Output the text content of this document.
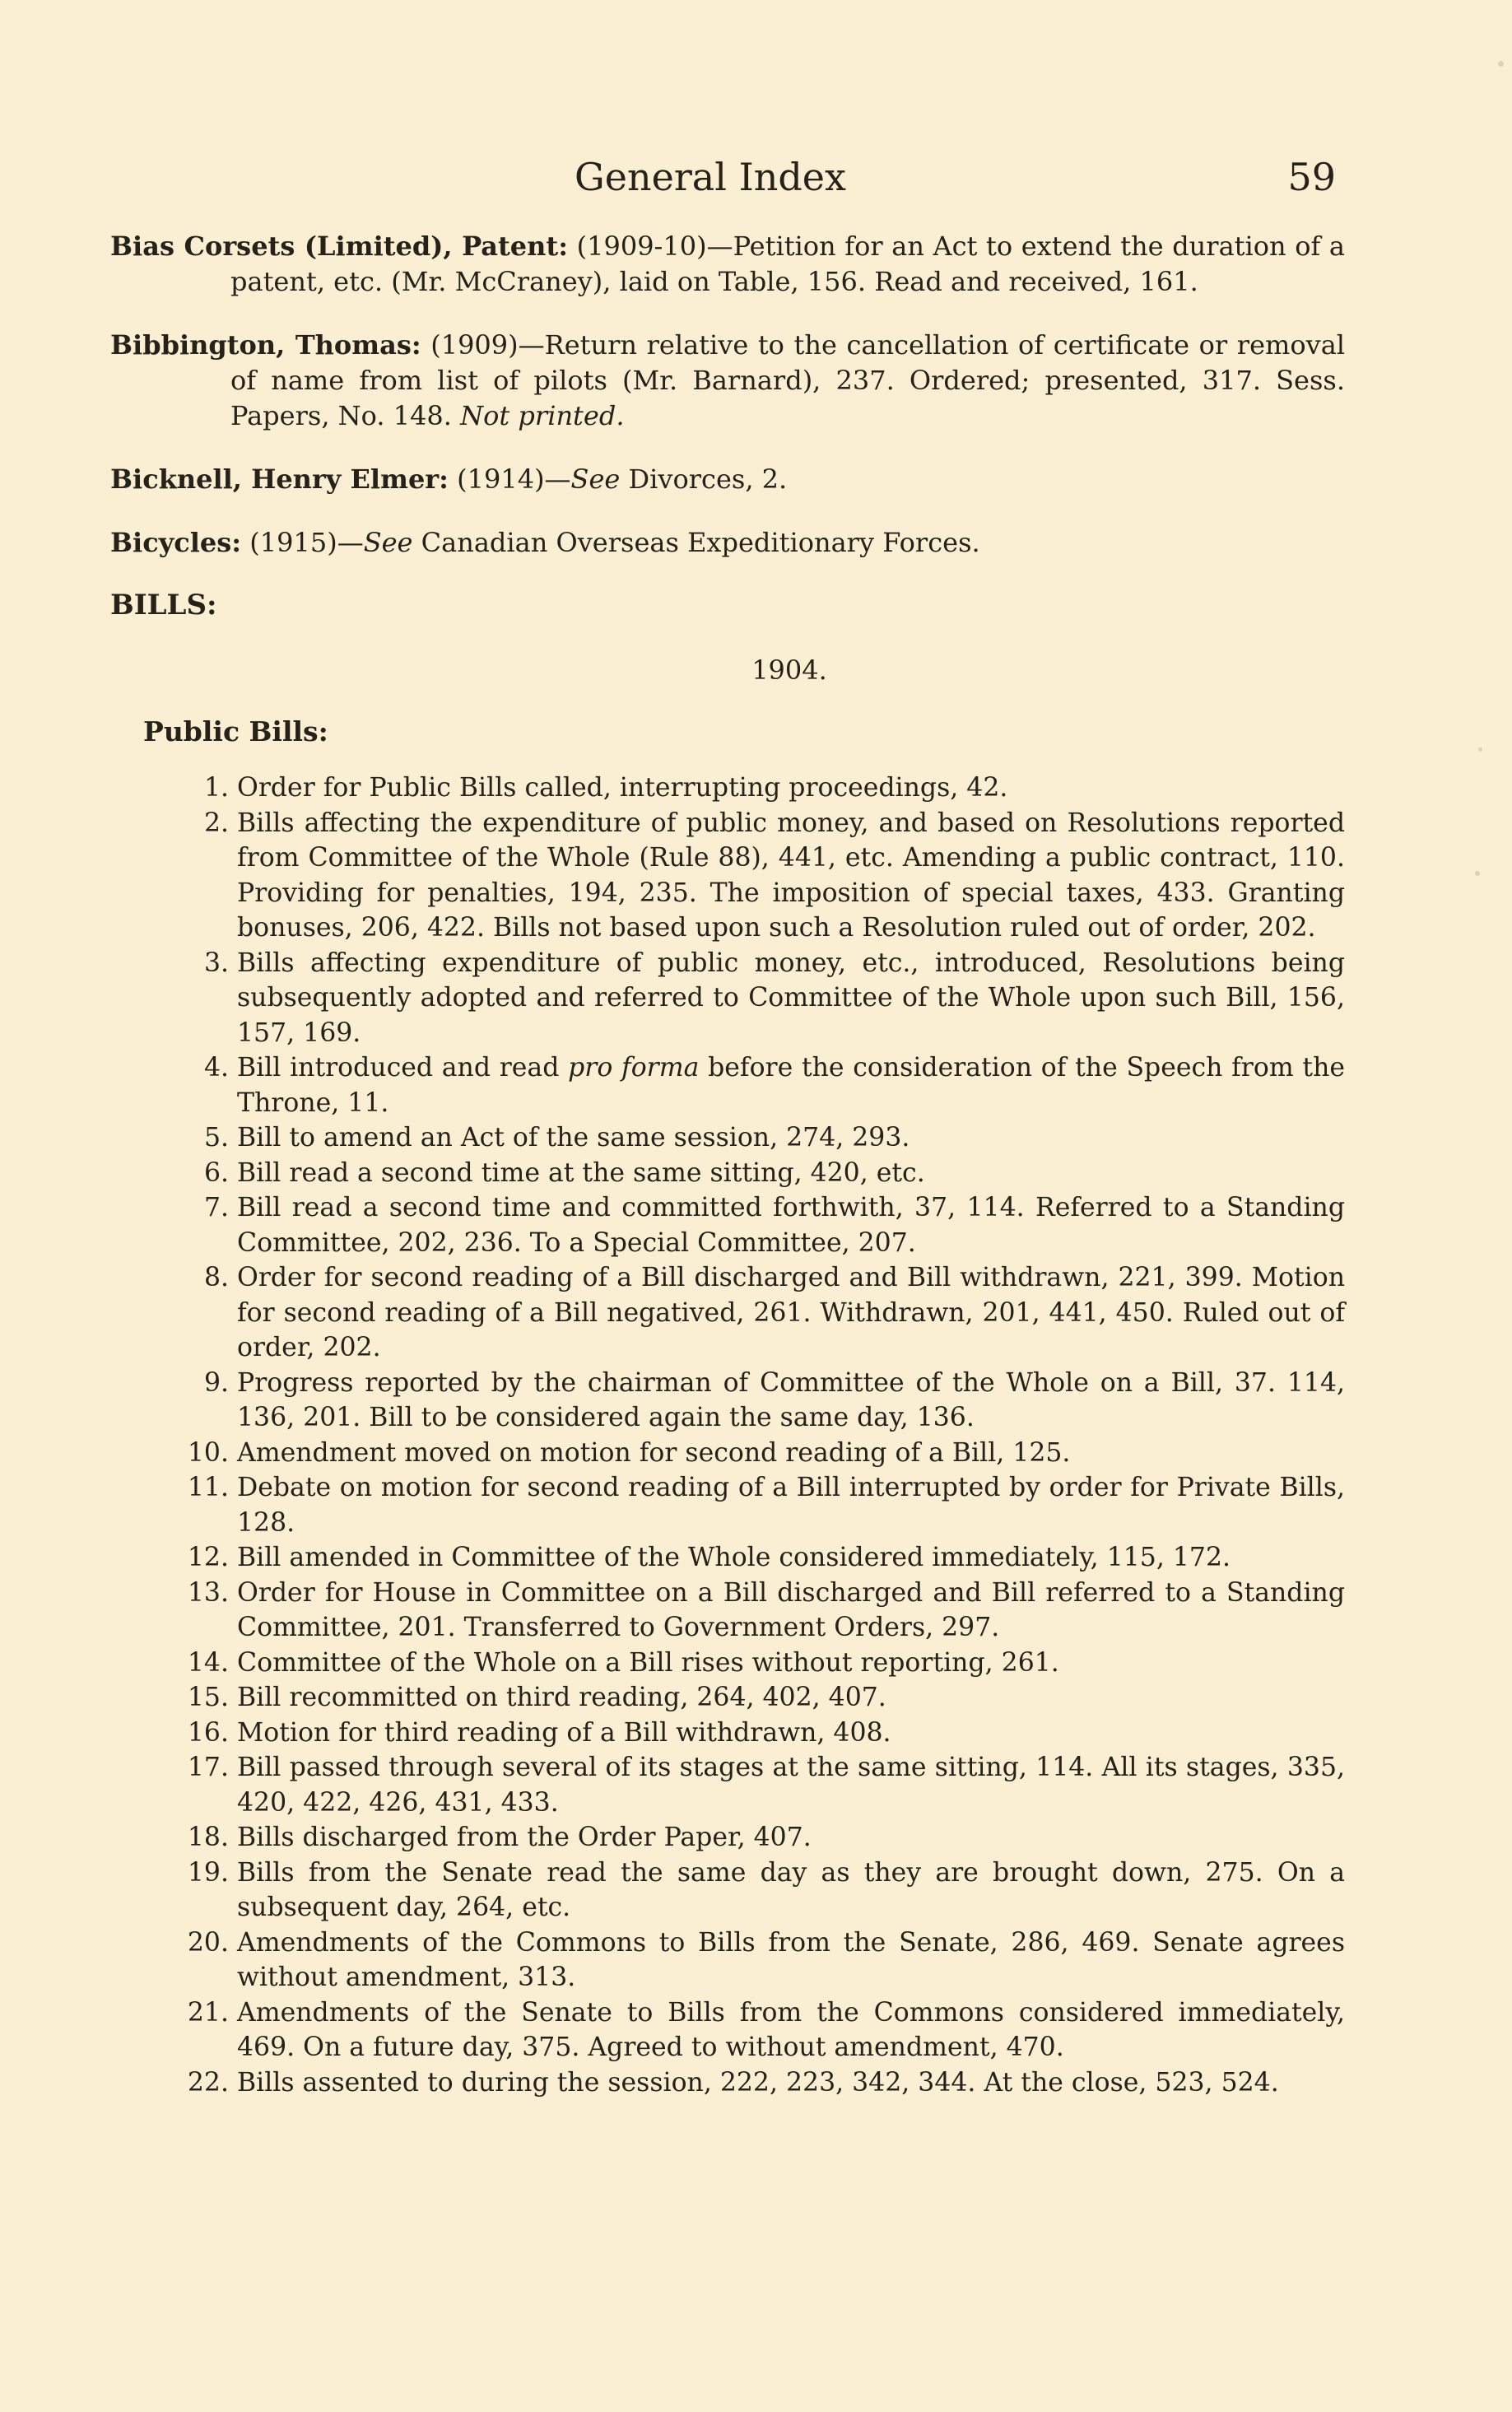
General Index	59

Bias Corsets (Limited), Patent: (1909-10)—Petition for an Act to extend the duration of a patent, etc. (Mr. McCraney), laid on Table, 156. Read and received, 161.

Bibbington, Thomas: (1909)—Return relative to the cancellation of certificate or removal of name from list of pilots (Mr. Barnard), 237. Ordered; presented, 317. Sess. Papers, No. 148. Not printed.

Bicknell, Henry Elmer: (1914)—See Divorces, 2.

Bicycles: (1915)—See Canadian Overseas Expeditionary Forces.

BILLS:
1904.
Public Bills:
1. Order for Public Bills called, interrupting proceedings, 42.
2. Bills affecting the expenditure of public money, and based on Resolutions reported from Committee of the Whole (Rule 88), 441, etc. Amending a public contract, 110. Providing for penalties, 194, 235. The imposition of special taxes, 433. Granting bonuses, 206, 422. Bills not based upon such a Resolution ruled out of order, 202.
3. Bills affecting expenditure of public money, etc., introduced, Resolutions being subsequently adopted and referred to Committee of the Whole upon such Bill, 156, 157, 169.
4. Bill introduced and read pro forma before the consideration of the Speech from the Throne, 11.
5. Bill to amend an Act of the same session, 274, 293.
6. Bill read a second time at the same sitting, 420, etc.
7. Bill read a second time and committed forthwith, 37, 114. Referred to a Standing Committee, 202, 236. To a Special Committee, 207.
8. Order for second reading of a Bill discharged and Bill withdrawn, 221, 399. Motion for second reading of a Bill negatived, 261. Withdrawn, 201, 441, 450. Ruled out of order, 202.
9. Progress reported by the chairman of Committee of the Whole on a Bill, 37. 114, 136, 201. Bill to be considered again the same day, 136.
10. Amendment moved on motion for second reading of a Bill, 125.
11. Debate on motion for second reading of a Bill interrupted by order for Private Bills, 128.
12. Bill amended in Committee of the Whole considered immediately, 115, 172.
13. Order for House in Committee on a Bill discharged and Bill referred to a Standing Committee, 201. Transferred to Government Orders, 297.
14. Committee of the Whole on a Bill rises without reporting, 261.
15. Bill recommitted on third reading, 264, 402, 407.
16. Motion for third reading of a Bill withdrawn, 408.
17. Bill passed through several of its stages at the same sitting, 114. All its stages, 335, 420, 422, 426, 431, 433.
18. Bills discharged from the Order Paper, 407.
19. Bills from the Senate read the same day as they are brought down, 275. On a subsequent day, 264, etc.
20. Amendments of the Commons to Bills from the Senate, 286, 469. Senate agrees without amendment, 313.
21. Amendments of the Senate to Bills from the Commons considered immediately, 469. On a future day, 375. Agreed to without amendment, 470.
22. Bills assented to during the session, 222, 223, 342, 344. At the close, 523, 524.
